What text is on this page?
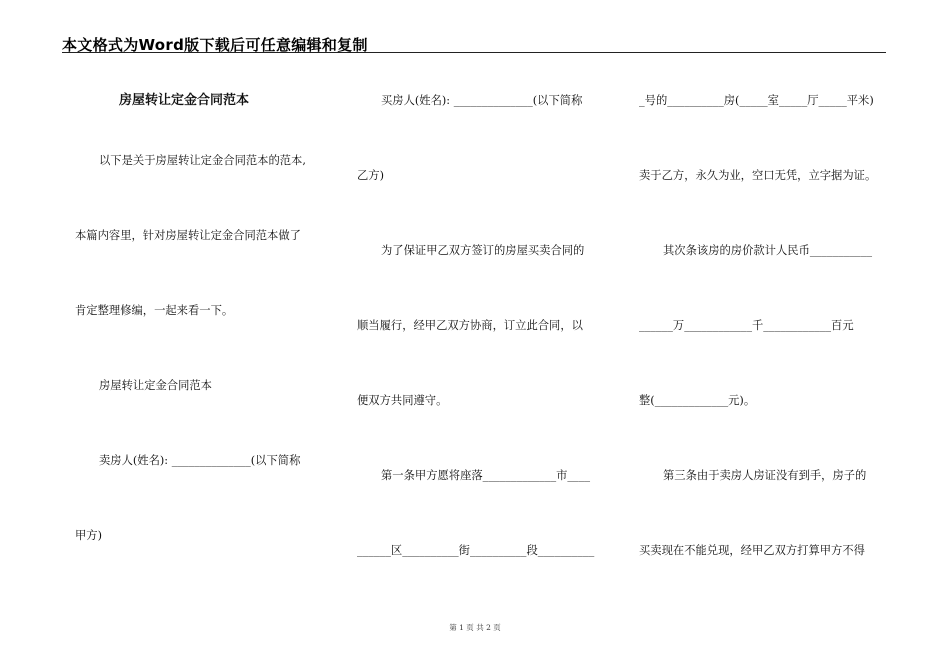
本文格式为Word版下载后可任意编辑和复制
房屋转让定金合同范本
以下是关于房屋转让定金合同范本的范本,
本篇内容里，针对房屋转让定金合同范本做了
肯定整理修编，一起来看一下。
房屋转让定金合同范本
卖房人(姓名): ______________(以下简称
甲方)
买房人(姓名): ______________(以下简称
乙方)
为了保证甲乙双方签订的房屋买卖合同的
顺当履行，经甲乙双方协商，订立此合同，以
便双方共同遵守。
第一条甲方愿将座落_____________市____
______区__________街__________段__________
_号的__________房(_____室_____厅_____平米)
卖于乙方，永久为业，空口无凭，立字据为证。
其次条该房的房价款计人民币___________
______万____________千____________百元
整(_____________元)。
第三条由于卖房人房证没有到手，房子的
买卖现在不能兑现，经甲乙双方打算甲方不得
第 1 页 共 2 页
